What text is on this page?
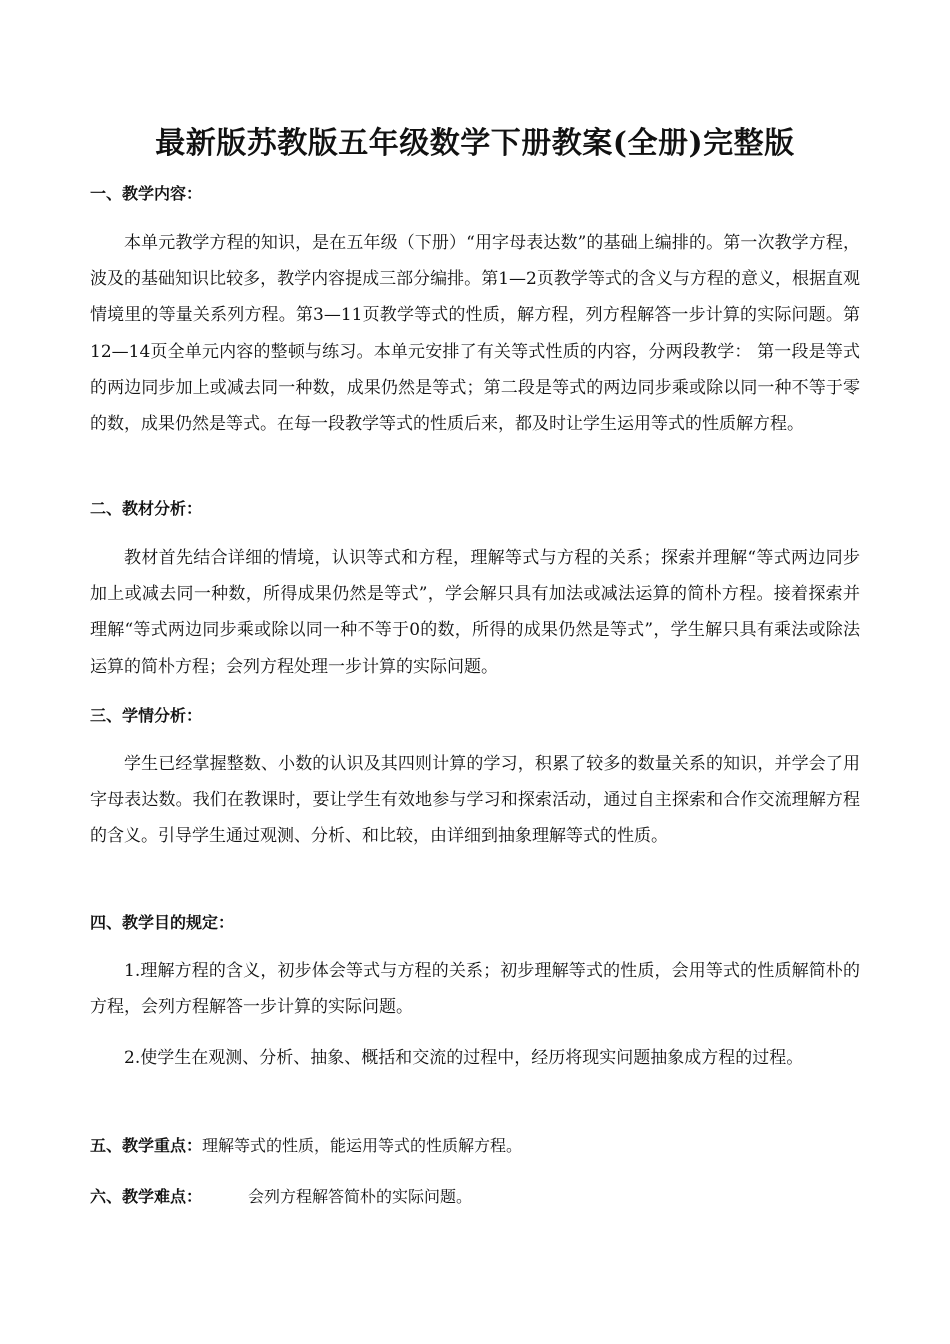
最新版苏教版五年级数学下册教案(全册)完整版
一、教学内容：
本单元教学方程的知识，是在五年级（下册）“用字母表达数”的基础上编排的。第一次教学方程，波及的基础知识比较多，教学内容提成三部分编排。第1—2页教学等式的含义与方程的意义，根据直观情境里的等量关系列方程。第3—11页教学等式的性质，解方程，列方程解答一步计算的实际问题。第12—14页全单元内容的整顿与练习。本单元安排了有关等式性质的内容，分两段教学： 第一段是等式的两边同步加上或减去同一种数，成果仍然是等式；第二段是等式的两边同步乘或除以同一种不等于零的数，成果仍然是等式。在每一段教学等式的性质后来，都及时让学生运用等式的性质解方程。
二、教材分析：
教材首先结合详细的情境，认识等式和方程，理解等式与方程的关系；探索并理解“等式两边同步加上或减去同一种数，所得成果仍然是等式”，学会解只具有加法或减法运算的简朴方程。接着探索并理解“等式两边同步乘或除以同一种不等于0的数，所得的成果仍然是等式”，学生解只具有乘法或除法运算的简朴方程；会列方程处理一步计算的实际问题。
三、学情分析：
学生已经掌握整数、小数的认识及其四则计算的学习，积累了较多的数量关系的知识，并学会了用字母表达数。我们在教课时，要让学生有效地参与学习和探索活动，通过自主探索和合作交流理解方程的含义。引导学生通过观测、分析、和比较，由详细到抽象理解等式的性质。
四、教学目的规定：
1.理解方程的含义，初步体会等式与方程的关系；初步理解等式的性质，会用等式的性质解简朴的方程，会列方程解答一步计算的实际问题。
2.使学生在观测、分析、抽象、概括和交流的过程中，经历将现实问题抽象成方程的过程。
五、教学重点：理解等式的性质，能运用等式的性质解方程。
六、教学难点：	会列方程解答简朴的实际问题。
